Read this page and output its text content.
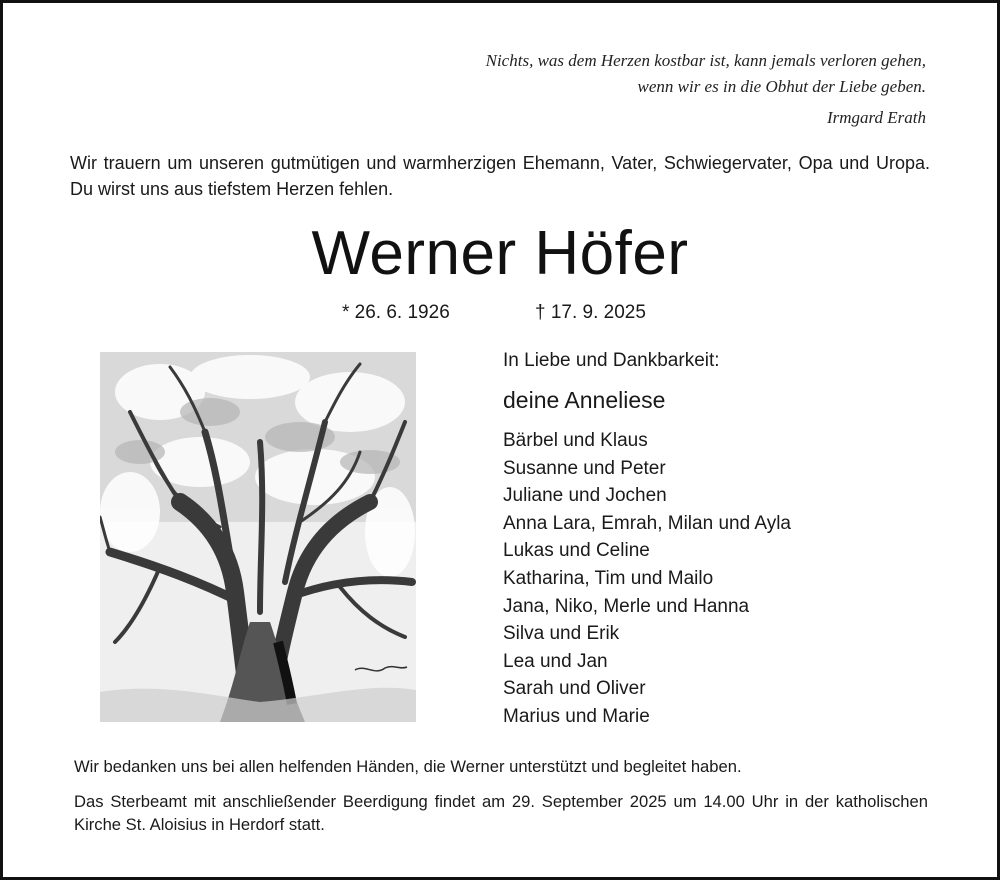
Nichts, was dem Herzen kostbar ist, kann jemals verloren gehen,
wenn wir es in die Obhut der Liebe geben.
Irmgard Erath
Wir trauern um unseren gutmütigen und warmherzigen Ehemann, Vater, Schwiegervater, Opa und Uropa. Du wirst uns aus tiefstem Herzen fehlen.
Werner Höfer
* 26. 6. 1926	† 17. 9. 2025
In Liebe und Dankbarkeit:
deine Anneliese
Bärbel und Klaus
Susanne und Peter
Juliane und Jochen
Anna Lara, Emrah, Milan und Ayla
Lukas und Celine
Katharina, Tim und Mailo
Jana, Niko, Merle und Hanna
Silva und Erik
Lea und Jan
Sarah und Oliver
Marius und Marie
Wir bedanken uns bei allen helfenden Händen, die Werner unterstützt und begleitet haben.
Das Sterbeamt mit anschließender Beerdigung findet am 29. September 2025 um 14.00 Uhr in der katholischen Kirche St. Aloisius in Herdorf statt.
